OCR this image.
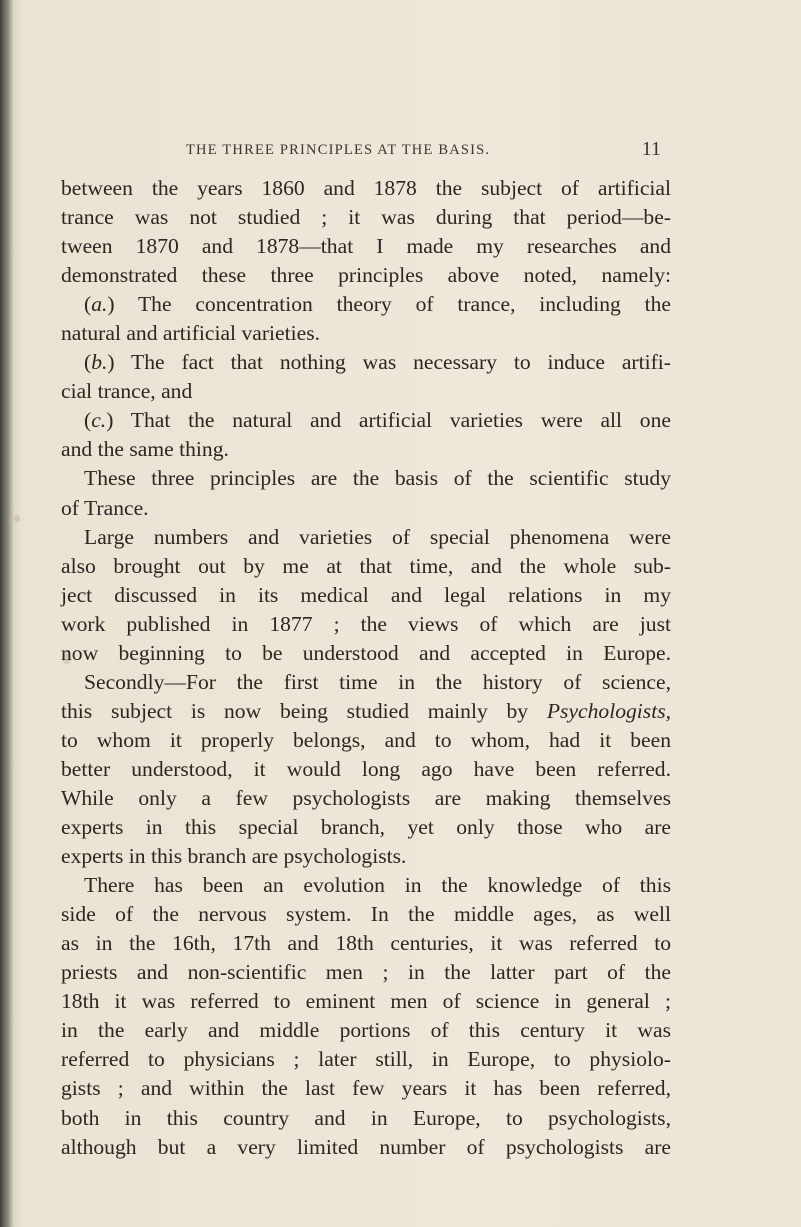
THE THREE PRINCIPLES AT THE BASIS.	11
between the years 1860 and 1878 the subject of artificial
trance was not studied ; it was during that period—be-
tween 1870 and 1878—that I made my researches and
demonstrated these three principles above noted, namely:
(a.) The concentration theory of trance, including the
natural and artificial varieties.
(b.) The fact that nothing was necessary to induce artifi-
cial trance, and
(c.) That the natural and artificial varieties were all one
and the same thing.
These three principles are the basis of the scientific study
of Trance.
Large numbers and varieties of special phenomena were
also brought out by me at that time, and the whole sub-
ject discussed in its medical and legal relations in my
work published in 1877 ; the views of which are just
now beginning to be understood and accepted in Europe.
Secondly—For the first time in the history of science,
this subject is now being studied mainly by Psychologists,
to whom it properly belongs, and to whom, had it been
better understood, it would long ago have been referred.
While only a few psychologists are making themselves
experts in this special branch, yet only those who are
experts in this branch are psychologists.
There has been an evolution in the knowledge of this
side of the nervous system. In the middle ages, as well
as in the 16th, 17th and 18th centuries, it was referred to
priests and non-scientific men ; in the latter part of the
18th it was referred to eminent men of science in general ;
in the early and middle portions of this century it was
referred to physicians ; later still, in Europe, to physiolo-
gists ; and within the last few years it has been referred,
both in this country and in Europe, to psychologists,
although but a very limited number of psychologists are
